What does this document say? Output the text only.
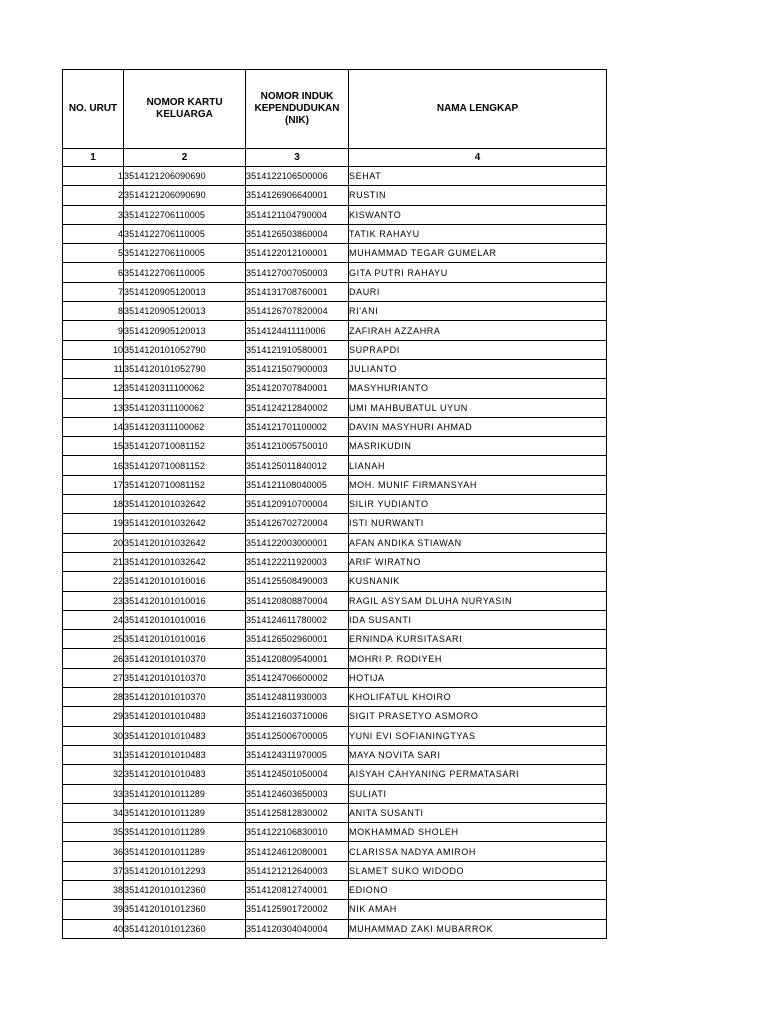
NO. URUT	NOMOR KARTU KELUARGA	NOMOR INDUK KEPENDUDUKAN (NIK)	NAMA LENGKAP
1	2	3	4
1	3514121206090690	3514122106500006	SEHAT
2	3514121206090690	3514126906640001	RUSTIN
3	3514122706110005	3514121104790004	KISWANTO
4	3514122706110005	3514126503860004	TATIK RAHAYU
5	3514122706110005	3514122012100001	MUHAMMAD TEGAR GUMELAR
6	3514122706110005	3514127007050003	GITA PUTRI RAHAYU
7	3514120905120013	3514131708760001	DAURI
8	3514120905120013	3514126707820004	RI'ANI
9	3514120905120013	3514124411110006	ZAFIRAH AZZAHRA
10	3514120101052790	3514121910580001	SUPRAPDI
11	3514120101052790	3514121507900003	JULIANTO
12	3514120311100062	3514120707840001	MASYHURIANTO
13	3514120311100062	3514124212840002	UMI MAHBUBATUL UYUN
14	3514120311100062	3514121701100002	DAVIN MASYHURI AHMAD
15	3514120710081152	3514121005750010	MASRIKUDIN
16	3514120710081152	3514125011840012	LIANAH
17	3514120710081152	3514121108040005	MOH. MUNIF FIRMANSYAH
18	3514120101032642	3514120910700004	SILIR YUDIANTO
19	3514120101032642	3514126702720004	ISTI NURWANTI
20	3514120101032642	3514122003000001	AFAN ANDIKA STIAWAN
21	3514120101032642	3514122211920003	ARIF WIRATNO
22	3514120101010016	3514125508490003	KUSNANIK
23	3514120101010016	3514120808870004	RAGIL ASYSAM DLUHA NURYASIN
24	3514120101010016	3514124611780002	IDA SUSANTI
25	3514120101010016	3514126502960001	ERNINDA KURSITASARI
26	3514120101010370	3514120809540001	MOHRI P. RODIYEH
27	3514120101010370	3514124706600002	HOTIJA
28	3514120101010370	3514124811930003	KHOLIFATUL KHOIRO
29	3514120101010483	3514121603710006	SIGIT PRASETYO ASMORO
30	3514120101010483	3514125006700005	YUNI EVI SOFIANINGTYAS
31	3514120101010483	3514124311970005	MAYA NOVITA SARI
32	3514120101010483	3514124501050004	AISYAH CAHYANING PERMATASARI
33	3514120101011289	3514124603650003	SULIATI
34	3514120101011289	3514125812830002	ANITA SUSANTI
35	3514120101011289	3514122106830010	MOKHAMMAD SHOLEH
36	3514120101011289	3514124612080001	CLARISSA NADYA AMIROH
37	3514120101012293	3514121212640003	SLAMET SUKO WIDODO
38	3514120101012360	3514120812740001	EDIONO
39	3514120101012360	3514125901720002	NIK AMAH
40	3514120101012360	3514120304040004	MUHAMMAD ZAKI MUBARROK
